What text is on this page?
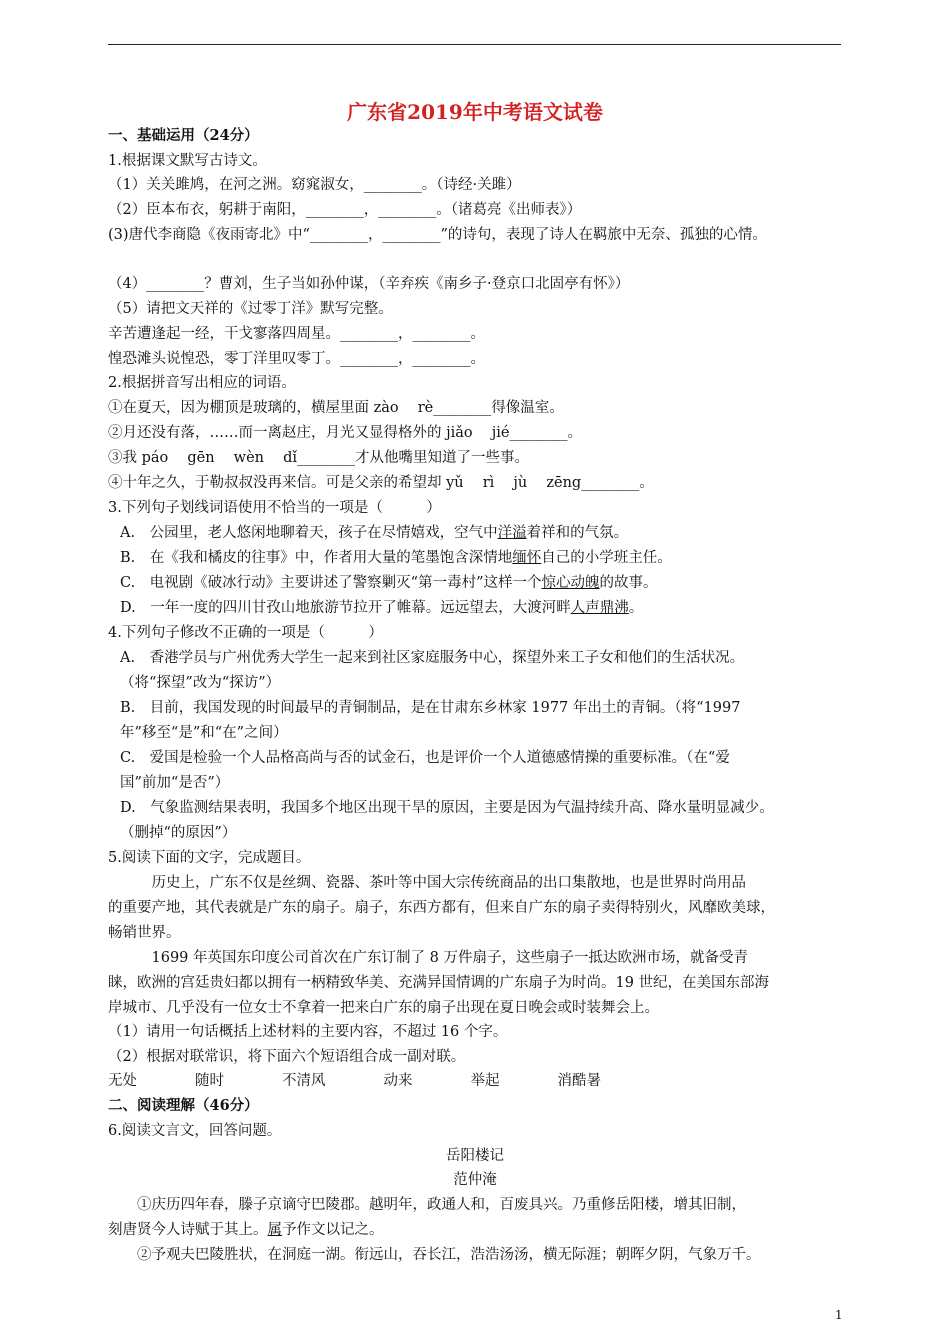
广东省2019年中考语文试卷
一、基础运用（24分）
1.根据课文默写古诗文。
（1）关关雎鸠，在河之洲。窈窕淑女，________。（诗经·关雎）
（2）臣本布衣，躬耕于南阳，________，________。（诸葛亮《出师表》）
(3)唐代李商隐《夜雨寄北》中“________，________”的诗句，表现了诗人在羁旅中无奈、孤独的心情。
（4）________？曹刘，生子当如孙仲谋，（辛弃疾《南乡子·登京口北固亭有怀》）
（5）请把文天祥的《过零丁洋》默写完整。
辛苦遭逢起一经，干戈寥落四周星。________，________。
惶恐滩头说惶恐，零丁洋里叹零丁。________，________。
2.根据拼音写出相应的词语。
①在夏天，因为棚顶是玻璃的，横屋里面 zào　 rè________得像温室。
②月还没有落，……而一离赵庄，月光又显得格外的 jiǎo　 jié________。
③我 páo　 gēn　 wèn　 dǐ________才从他嘴里知道了一些事。
④十年之久，于勒叔叔没再来信。可是父亲的希望却 yǔ　 rì　 jù　 zēng________。
3.下列句子划线词语使用不恰当的一项是（　　　）
A.　公园里，老人悠闲地聊着天，孩子在尽情嬉戏，空气中洋溢着祥和的气氛。
B.　在《我和橘皮的往事》中，作者用大量的笔墨饱含深情地缅怀自己的小学班主任。
C.　电视剧《破冰行动》主要讲述了警察剿灭“第一毒村”这样一个惊心动魄的故事。
D.　一年一度的四川甘孜山地旅游节拉开了帷幕。远远望去，大渡河畔人声鼎沸。
4.下列句子修改不正确的一项是（　　　）
A.　香港学员与广州优秀大学生一起来到社区家庭服务中心，探望外来工子女和他们的生活状况。
（将“探望”改为“探访”）
B.　目前，我国发现的时间最早的青铜制品，是在甘肃东乡林家 1977 年出土的青铜。（将“1997
年”移至“是”和“在”之间）
C.　爱国是检验一个人品格高尚与否的试金石，也是评价一个人道德感情操的重要标准。（在“爱
国”前加“是否”）
D.　气象监测结果表明，我国多个地区出现干旱的原因，主要是因为气温持续升高、降水量明显减少。
（删掉“的原因”）
5.阅读下面的文字，完成题目。
　　　历史上，广东不仅是丝绸、瓷器、茶叶等中国大宗传统商品的出口集散地，也是世界时尚用品
的重要产地，其代表就是广东的扇子。扇子，东西方都有，但来自广东的扇子卖得特别火，风靡欧美球，
畅销世界。
　　　1699 年英国东印度公司首次在广东订制了 8 万件扇子，这些扇子一抵达欧洲市场，就备受青
睐，欧洲的宫廷贵妇都以拥有一柄精致华美、充满异国情调的广东扇子为时尚。19 世纪，在美国东部海
岸城市、几乎没有一位女士不拿着一把来白广东的扇子出现在夏日晚会或时装舞会上。
（1）请用一句话概括上述材料的主要内容，不超过 16 个字。
（2）根据对联常识，将下面六个短语组合成一副对联。
无处　　　　随时　　　　不清风　　　　动来　　　　举起　　　　消酷暑
二、阅读理解（46分）
6.阅读文言文，回答问题。
岳阳楼记
范仲淹
　　①庆历四年春，滕子京谪守巴陵郡。越明年，政通人和，百废具兴。乃重修岳阳楼，增其旧制，
刻唐贤今人诗赋于其上。属予作文以记之。
　　②予观夫巴陵胜状，在洞庭一湖。衔远山，吞长江，浩浩汤汤，横无际涯；朝晖夕阴，气象万千。
1
